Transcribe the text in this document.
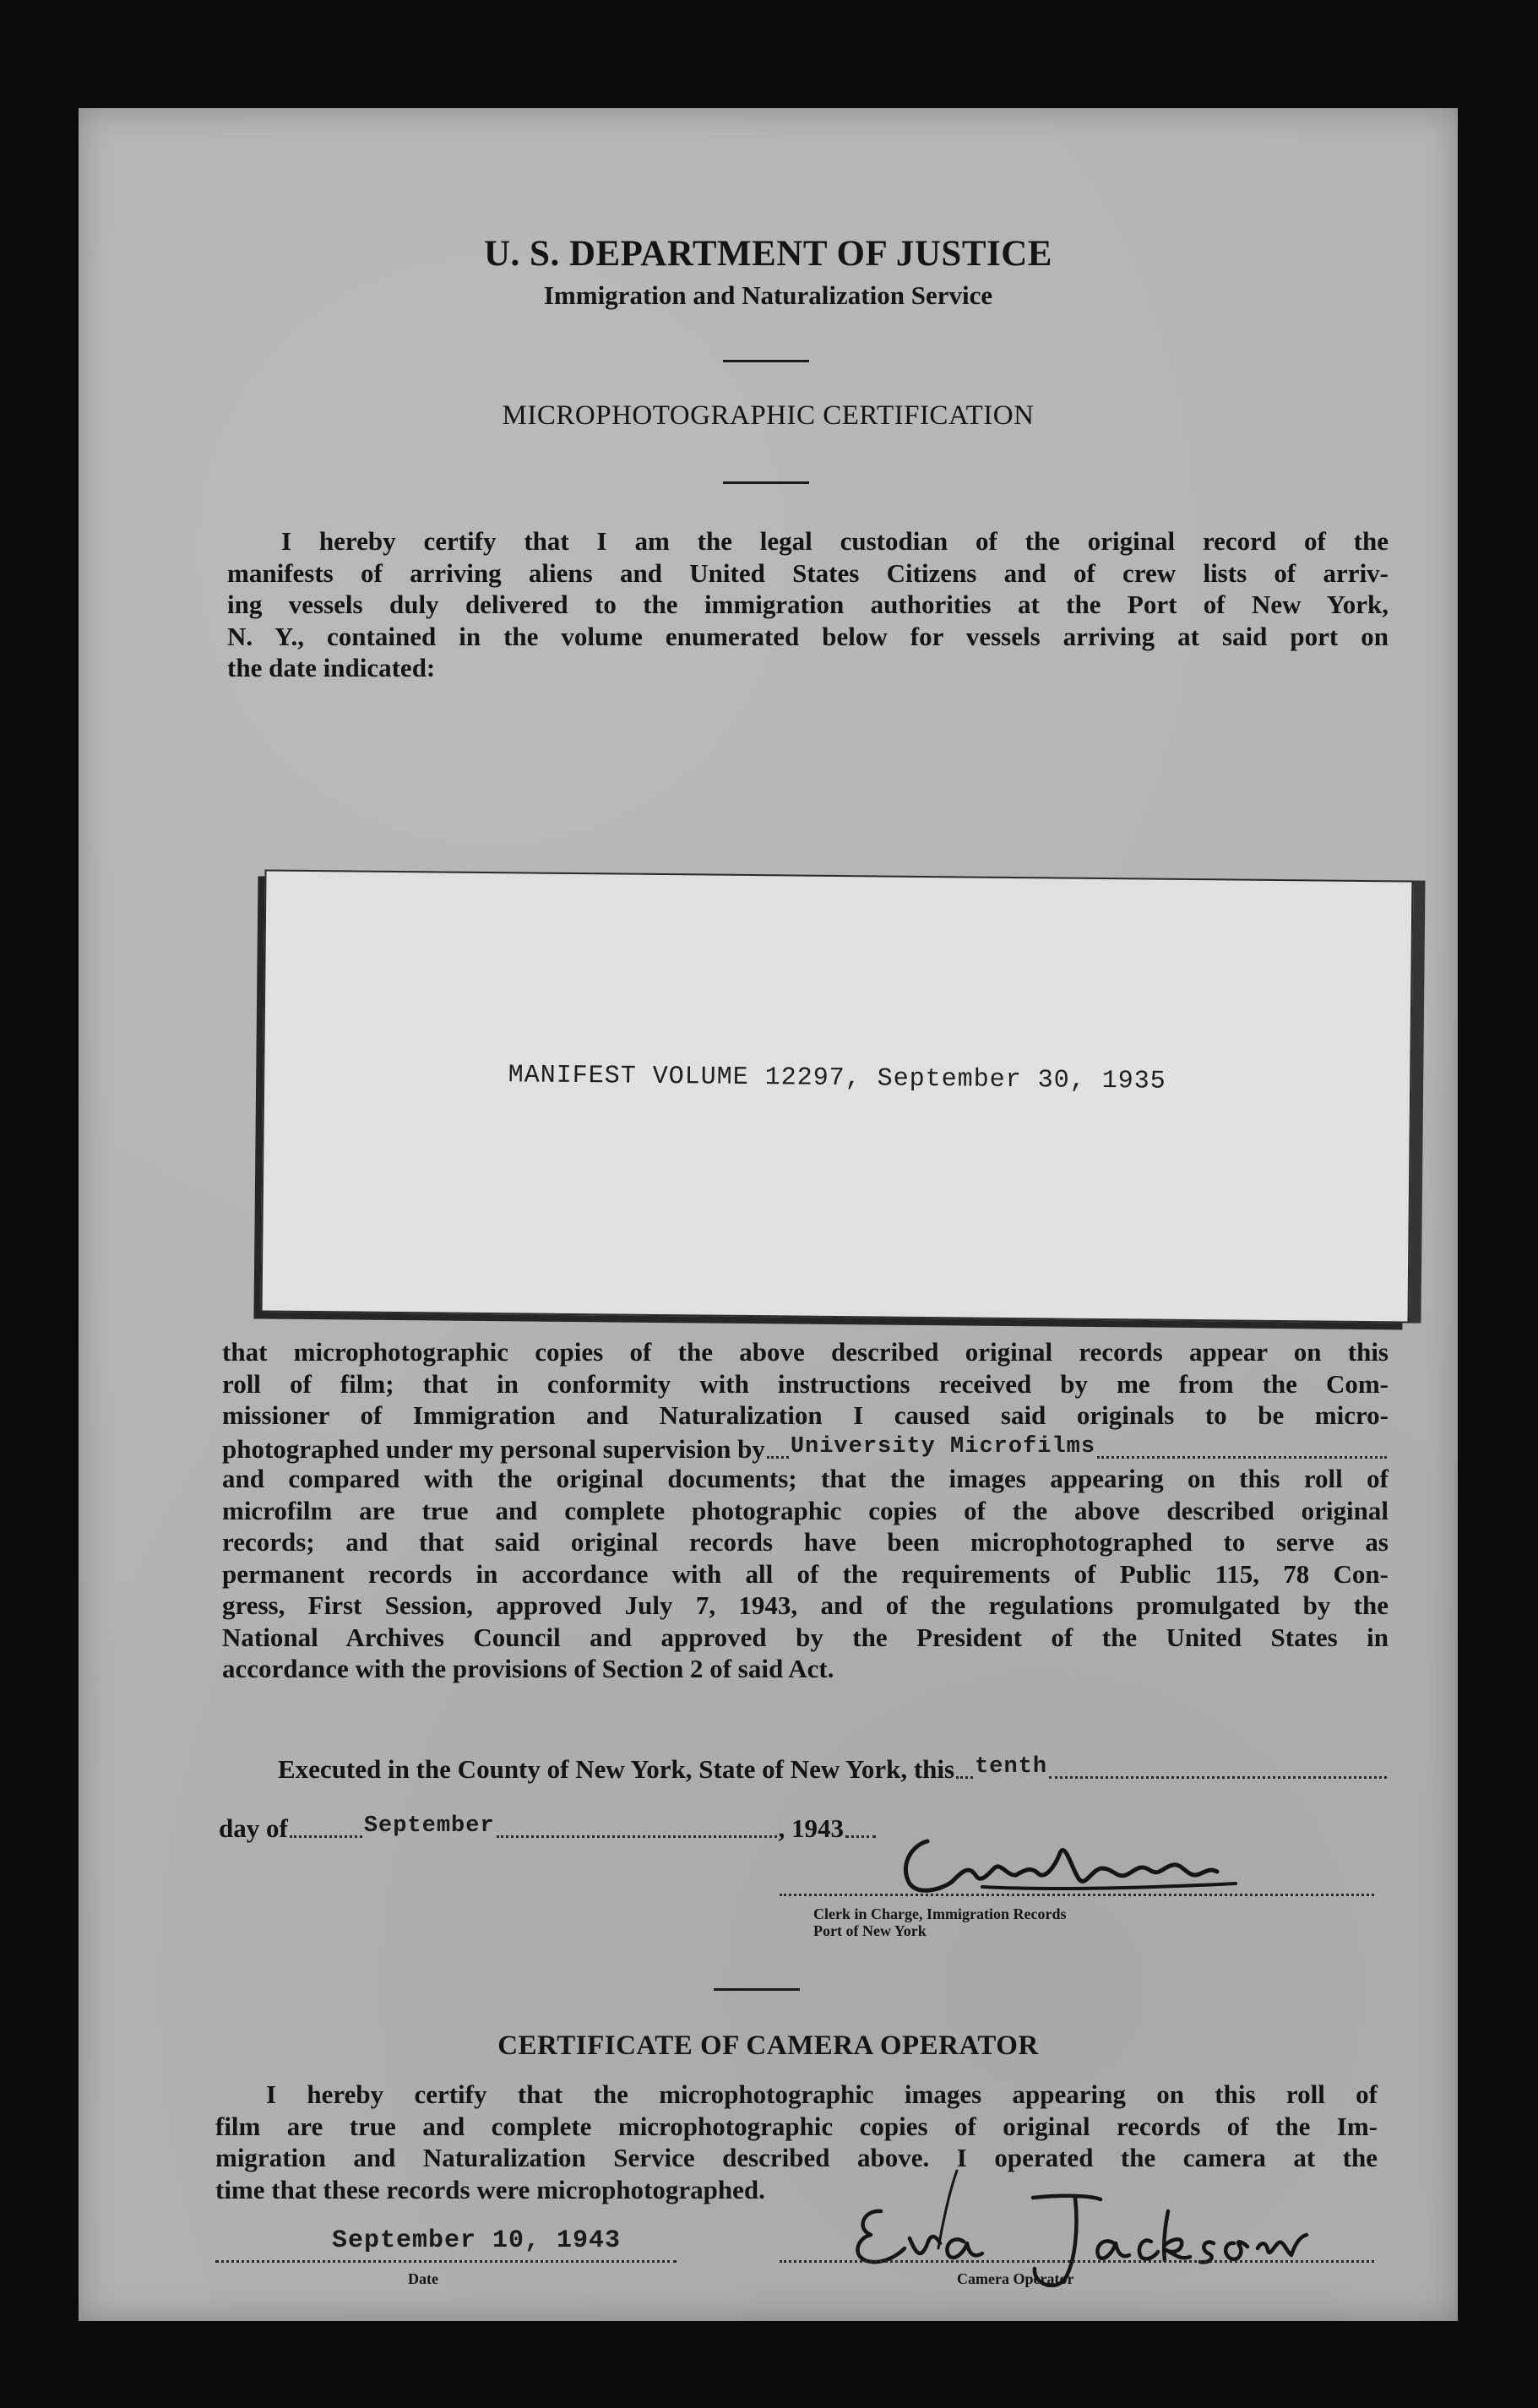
U. S. DEPARTMENT OF JUSTICE
Immigration and Naturalization Service
MICROPHOTOGRAPHIC CERTIFICATION
I hereby certify that I am the legal custodian of the original record of the
manifests of arriving aliens and United States Citizens and of crew lists of arriv-
ing vessels duly delivered to the immigration authorities at the Port of New York,
N. Y., contained in the volume enumerated below for vessels arriving at said port on
the date indicated:
MANIFEST VOLUME 12297, September 30, 1935
that microphotographic copies of the above described original records appear on this
roll of film; that in conformity with instructions received by me from the Com-
missioner of Immigration and Naturalization I caused said originals to be micro-
photographed under my personal supervision by University Microfilms
and compared with the original documents; that the images appearing on this roll of
microfilm are true and complete photographic copies of the above described original
records; and that said original records have been microphotographed to serve as
permanent records in accordance with all of the requirements of Public 115, 78 Con-
gress, First Session, approved July 7, 1943, and of the regulations promulgated by the
National Archives Council and approved by the President of the United States in
accordance with the provisions of Section 2 of said Act.
Executed in the County of New York, State of New York, this tenth
day of	September	, 194 3
Clerk in Charge, Immigration Records
Port of New York
CERTIFICATE OF CAMERA OPERATOR
I hereby certify that the microphotographic images appearing on this roll of
film are true and complete microphotographic copies of original records of the Im-
migration and Naturalization Service described above. I operated the camera at the
time that these records were microphotographed.
September 10, 1943
Date	Camera Operator
